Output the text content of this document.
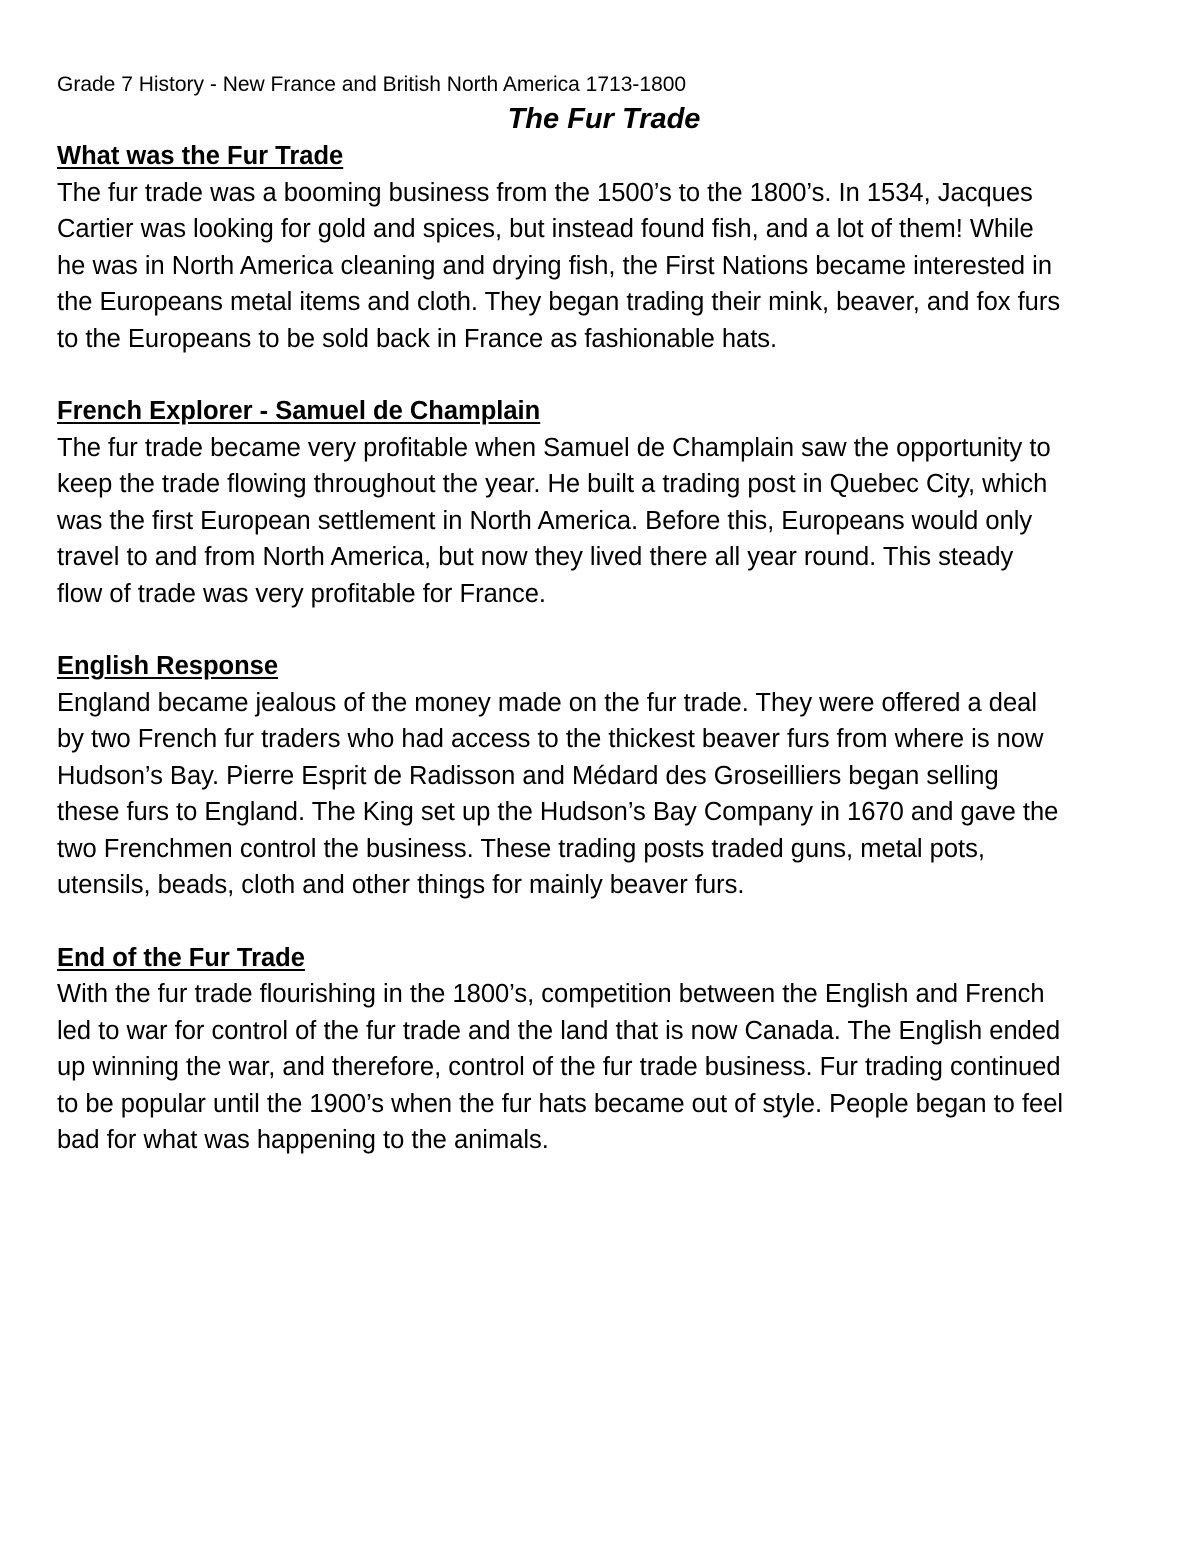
Grade 7 History - New France and British North America 1713-1800

The Fur Trade
What was the Fur Trade

The fur trade was a booming business from the 1500’s to the 1800’s. In 1534, Jacques
Cartier was looking for gold and spices, but instead found fish, and a lot of them! While
he was in North America cleaning and drying fish, the First Nations became interested in
the Europeans metal items and cloth. They began trading their mink, beaver, and fox furs
to the Europeans to be sold back in France as fashionable hats.

French Explorer - Samuel de Champlain

The fur trade became very profitable when Samuel de Champlain saw the opportunity to
keep the trade flowing throughout the year. He built a trading post in Quebec City, which
was the first European settlement in North America. Before this, Europeans would only
travel to and from North America, but now they lived there all year round. This steady
flow of trade was very profitable for France.

English Response

England became jealous of the money made on the fur trade. They were offered a deal
by two French fur traders who had access to the thickest beaver furs from where is now
Hudson’s Bay. Pierre Esprit de Radisson and Médard des Groseilliers began selling
these furs to England. The King set up the Hudson’s Bay Company in 1670 and gave the
two Frenchmen control the business. These trading posts traded guns, metal pots,
utensils, beads, cloth and other things for mainly beaver furs.

End of the Fur Trade

With the fur trade flourishing in the 1800’s, competition between the English and French
led to war for control of the fur trade and the land that is now Canada. The English ended
up winning the war, and therefore, control of the fur trade business. Fur trading continued
to be popular until the 1900’s when the fur hats became out of style. People began to feel
bad for what was happening to the animals.
